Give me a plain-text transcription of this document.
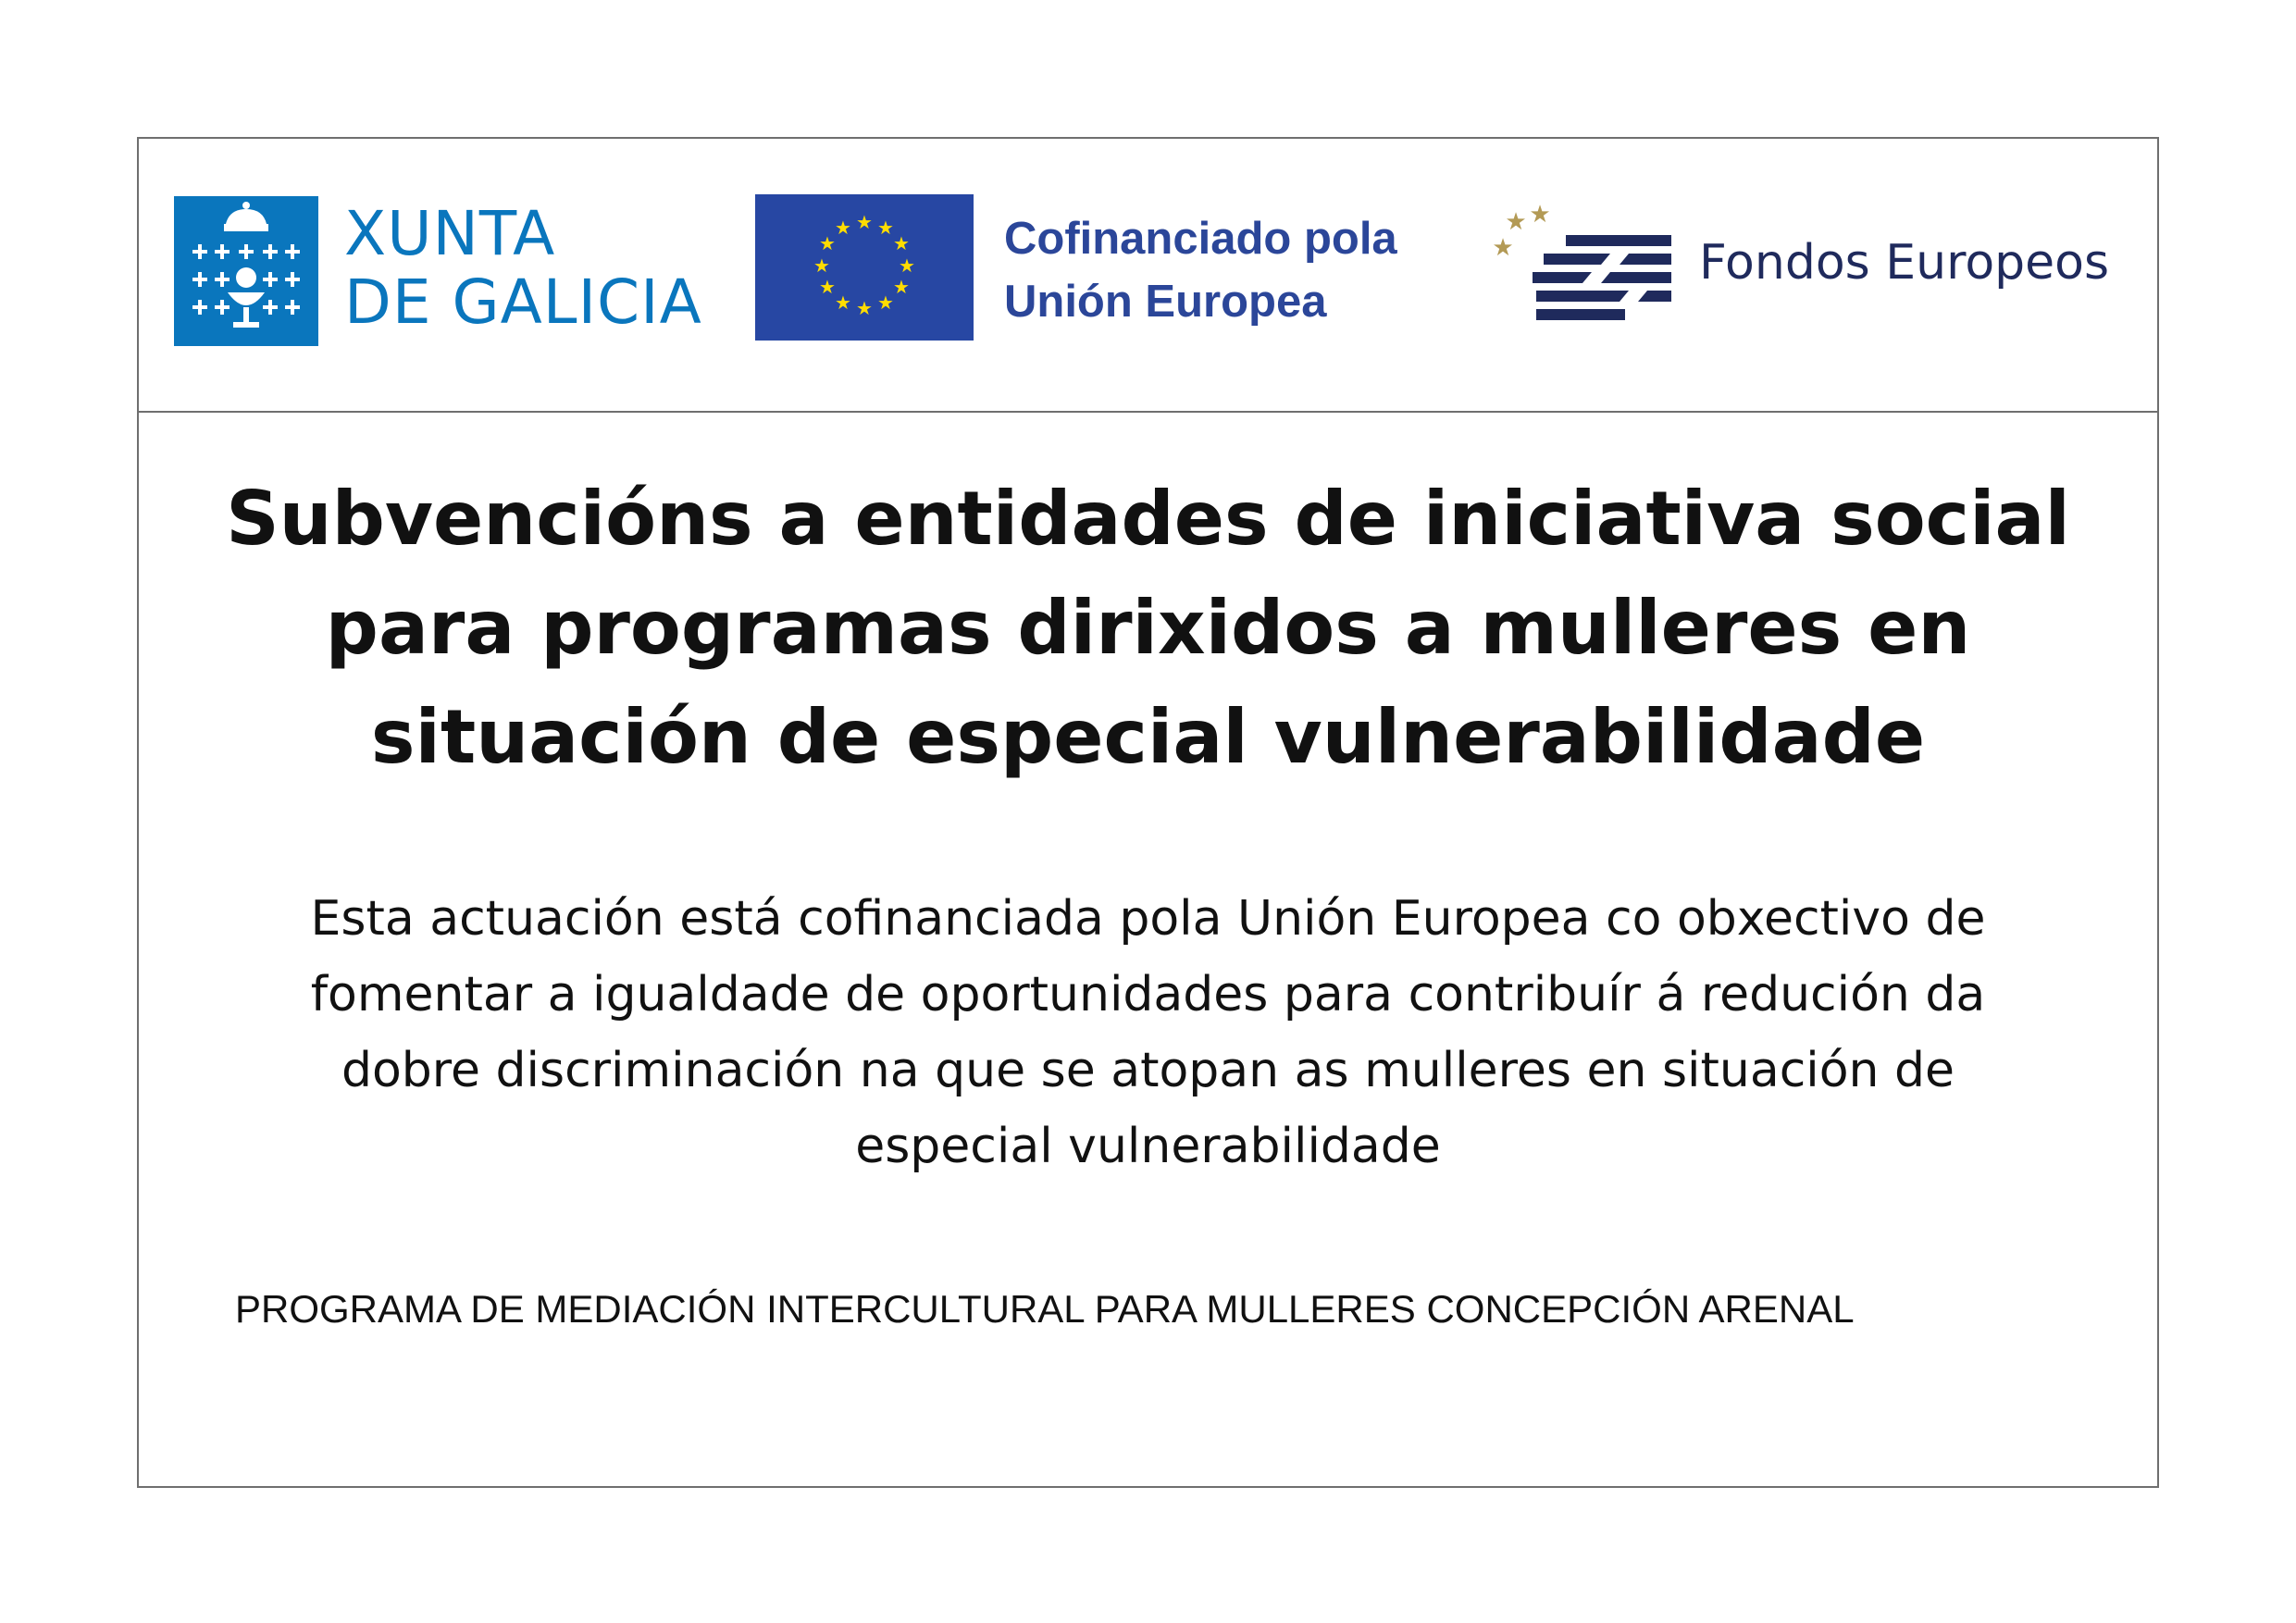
XUNTA
DE GALICIA
★ ★
★
★
★
★
★
★
★
★
★
★	Cofinanciado pola
Unión Europea
★ ★
★	Fondos Europeos
Subvencións a entidades de iniciativa social
para programas dirixidos a mulleres en
situación de especial vulnerabilidade
Esta actuación está cofinanciada pola Unión Europea co obxectivo de
fomentar a igualdade de oportunidades para contribuír á redución da
dobre discriminación na que se atopan as mulleres en situación de
especial vulnerabilidade
PROGRAMA DE MEDIACIÓN INTERCULTURAL PARA MULLERES CONCEPCIÓN ARENAL
